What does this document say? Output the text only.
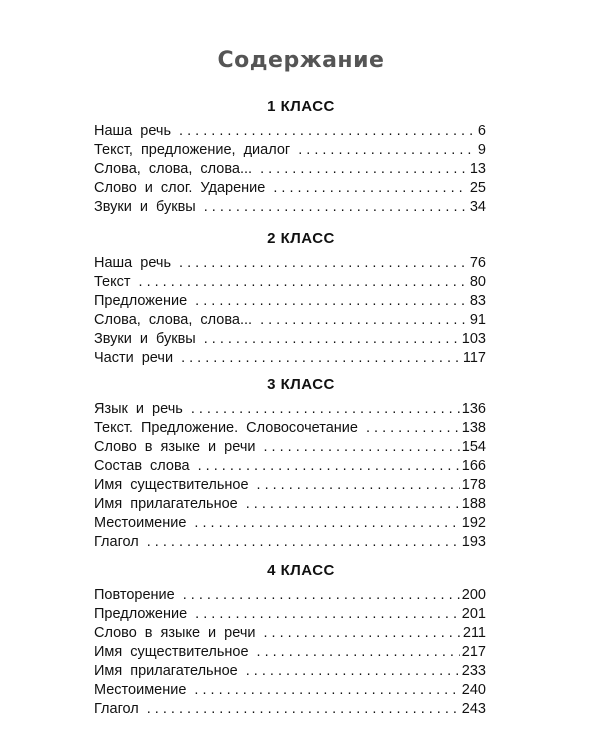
Содержание
1 КЛАСС
Наша речь . . .	6
Текст, предложение, диалог . . .	9
Слова, слова, слова... . . .	13
Слово и слог. Ударение . . .	25
Звуки и буквы . . .	34
2 КЛАСС
Наша речь . . .	76
Текст . . .	80
Предложение . . .	83
Слова, слова, слова... . . .	91
Звуки и буквы . . .	103
Части речи . . .	117
3 КЛАСС
Язык и речь . . .	136
Текст. Предложение. Словосочетание . . .	138
Слово в языке и речи . . .	154
Состав слова . . .	166
Имя существительное . . .	178
Имя прилагательное . . .	188
Местоимение . . .	192
Глагол . . .	193
4 КЛАСС
Повторение . . .	200
Предложение . . .	201
Слово в языке и речи . . .	211
Имя существительное . . .	217
Имя прилагательное . . .	233
Местоимение . . .	240
Глагол . . .	243
